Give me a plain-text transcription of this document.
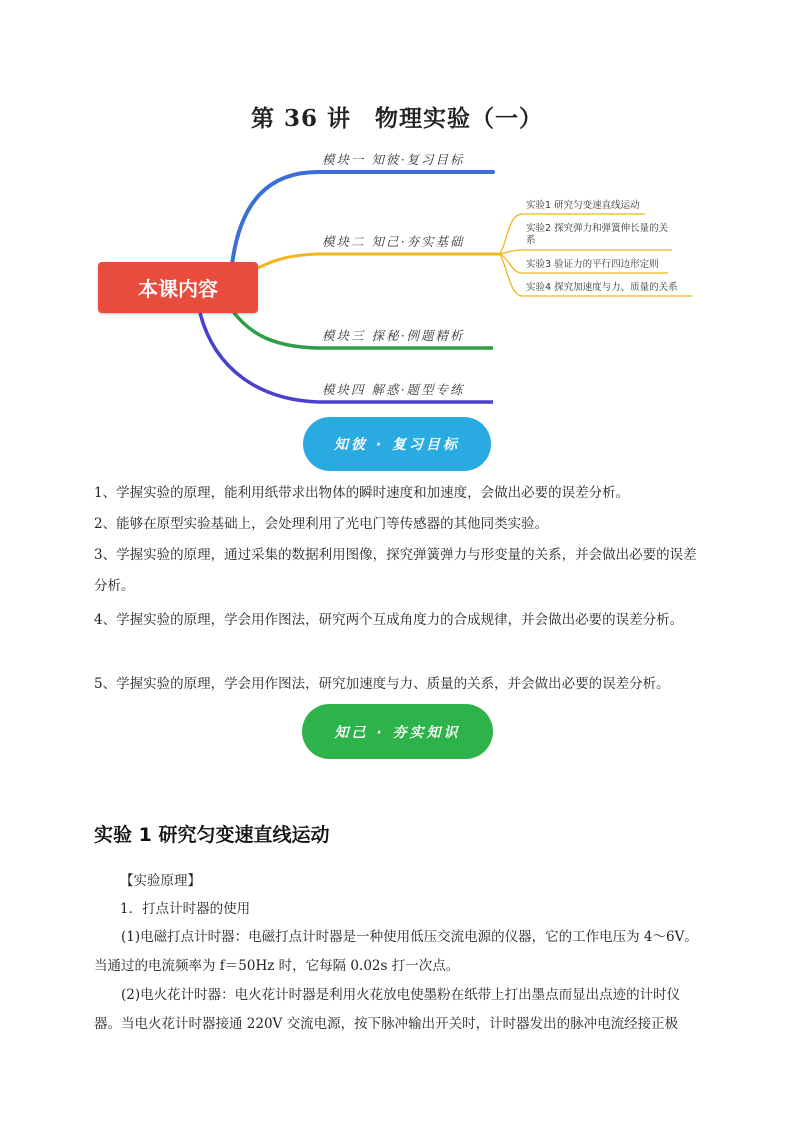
第 36 讲　物理实验（一）
本课内容
模块一 知彼·复习目标
模块二 知己·夯实基础
模块三 探秘·例题精析
模块四 解惑·题型专练
实验1 研究匀变速直线运动
实验2 探究弹力和弹簧伸长量的关系
实验3 验证力的平行四边形定则
实验4 探究加速度与力、质量的关系
知彼 · 复习目标
1、学握实验的原理，能利用纸带求出物体的瞬时速度和加速度，会做出必要的误差分析。
2、能够在原型实验基础上，会处理利用了光电门等传感器的其他同类实验。
3、学握实验的原理，通过采集的数据利用图像，探究弹簧弹力与形变量的关系，并会做出必要的误差分析。
4、学握实验的原理，学会用作图法，研究两个互成角度力的合成规律，并会做出必要的误差分析。
5、学握实验的原理，学会用作图法，研究加速度与力、质量的关系，并会做出必要的误差分析。
知己 · 夯实知识
实验 1 研究匀变速直线运动
【实验原理】
1．打点计时器的使用
(1)电磁打点计时器：电磁打点计时器是一种使用低压交流电源的仪器，它的工作电压为 4～6V。当通过的电流频率为 f＝50Hz 时，它每隔 0.02s 打一次点。
(2)电火花计时器：电火花计时器是利用火花放电使墨粉在纸带上打出墨点而显出点迹的计时仪器。当电火花计时器接通 220V 交流电源，按下脉冲输出开关时，计时器发出的脉冲电流经接正极
